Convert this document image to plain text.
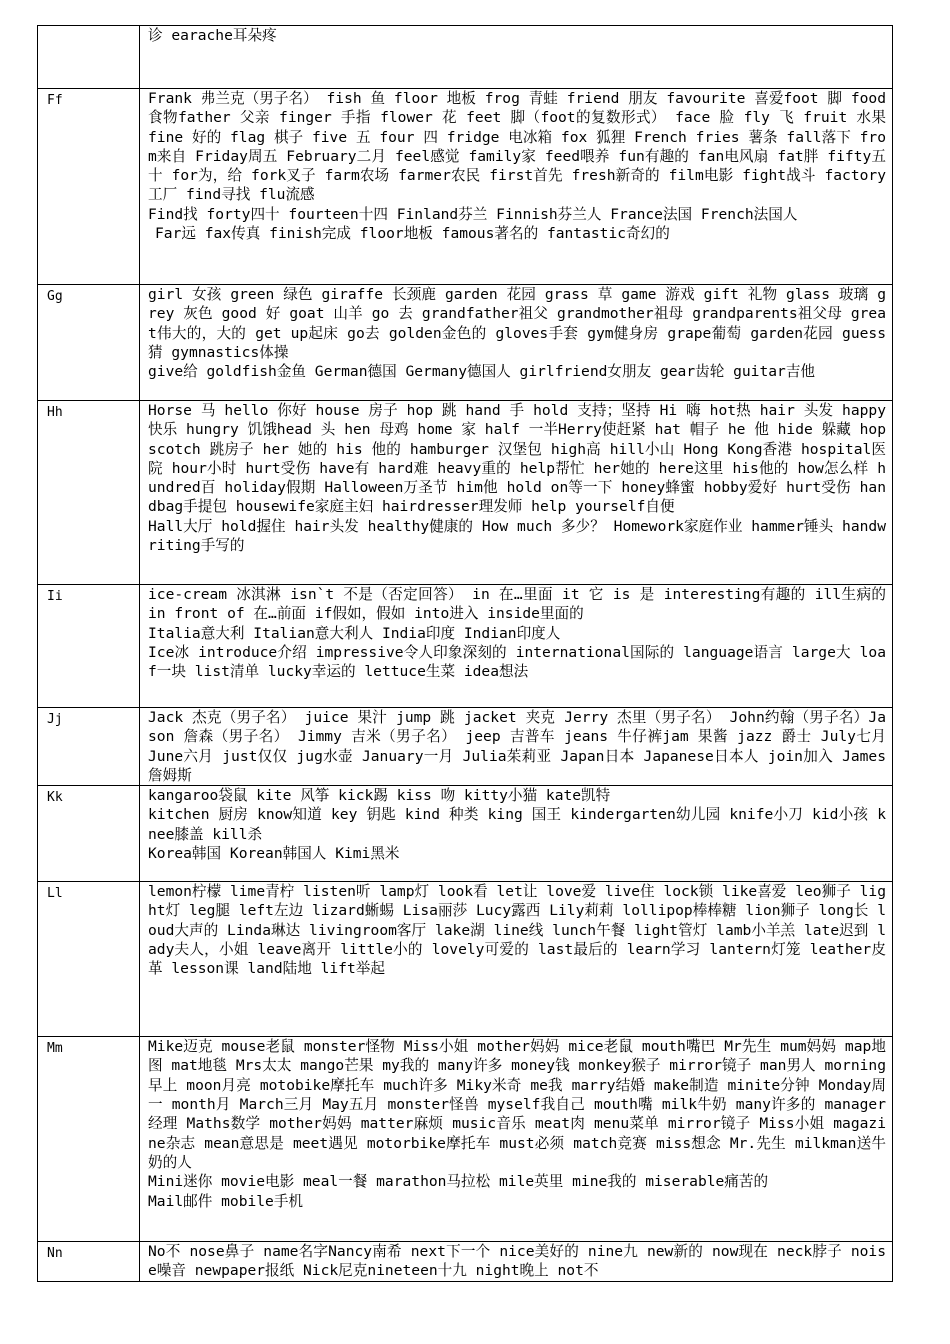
	诊 earache耳朵疼

Ff	Frank 弗兰克（男子名） fish 鱼 floor 地板 frog 青蛙 friend 朋友 favourite 喜爱foot 脚 food食物father 父亲 finger 手指 flower 花 feet 脚（foot的复数形式） face 脸 fly 飞 fruit 水果 fine 好的 flag 棋子 five 五 four 四 fridge 电冰箱 fox 狐狸 French fries 薯条 fall落下 from来自 Friday周五 February二月 feel感觉 family家 feed喂养 fun有趣的 fan电风扇 fat胖 fifty五十 for为，给 fork叉子 farm农场 farmer农民 first首先 fresh新奇的 film电影 fight战斗 factory工厂 find寻找 flu流感
Find找 forty四十 fourteen十四 Finland芬兰 Finnish芬兰人 France法国 French法国人
Far远 fax传真 finish完成 floor地板 famous著名的 fantastic奇幻的

Gg	girl 女孩 green 绿色 giraffe 长颈鹿 garden 花园 grass 草 game 游戏 gift 礼物 glass 玻璃 grey 灰色 good 好 goat 山羊 go 去 grandfather祖父 grandmother祖母 grandparents祖父母 great伟大的，大的 get up起床 go去 golden金色的 gloves手套 gym健身房 grape葡萄 garden花园 guess猜 gymnastics体操
give给 goldfish金鱼 German德国 Germany德国人 girlfriend女朋友 gear齿轮 guitar吉他

Hh	Horse 马 hello 你好 house 房子 hop 跳 hand 手 hold 支持；坚持 Hi 嗨 hot热 hair 头发 happy 快乐 hungry 饥饿head 头 hen 母鸡 home 家 half 一半Herry使赶紧 hat 帽子 he 他 hide 躲藏 hopscotch 跳房子 her 她的 his 他的 hamburger 汉堡包 high高 hill小山 Hong Kong香港 hospital医院 hour小时 hurt受伤 have有 hard难 heavy重的 help帮忙 her她的 here这里 his他的 how怎么样 hundred百 holiday假期 Halloween万圣节 him他 hold on等一下 honey蜂蜜 hobby爱好 hurt受伤 handbag手提包 housewife家庭主妇 hairdresser理发师 help yourself自便
Hall大厅 hold握住 hair头发 healthy健康的 How much 多少？ Homework家庭作业 hammer锤头 handwriting手写的

Ii	ice-cream 冰淇淋 isn`t 不是（否定回答） in 在…里面 it 它 is 是 interesting有趣的 ill生病的 in front of 在…前面 if假如，假如 into进入 inside里面的
Italia意大利 Italian意大利人 India印度 Indian印度人
Ice冰 introduce介绍 impressive令人印象深刻的 international国际的 language语言 large大 loaf一块 list清单 lucky幸运的 lettuce生菜 idea想法

Jj	Jack 杰克（男子名） juice 果汁 jump 跳 jacket 夹克 Jerry 杰里（男子名） John约翰（男子名）Jason 詹森（男子名） Jimmy 吉米（男子名） jeep 吉普车 jeans 牛仔裤jam 果酱 jazz 爵士 July七月 June六月 just仅仅 jug水壶 January一月 Julia茱莉亚 Japan日本 Japanese日本人 join加入 James詹姆斯

Kk	kangaroo袋鼠 kite 风筝 kick踢 kiss 吻 kitty小猫 kate凯特
kitchen 厨房 know知道 key 钥匙 kind 种类 king 国王 kindergarten幼儿园 knife小刀 kid小孩 knee膝盖 kill杀
Korea韩国 Korean韩国人 Kimi黑米

Ll	lemon柠檬 lime青柠 listen听 lamp灯 look看 let让 love爱 live住 lock锁 like喜爱 leo狮子 light灯 leg腿 left左边 lizard蜥蜴 Lisa丽莎 Lucy露西 Lily莉莉 lollipop棒棒糖 lion狮子 long长 loud大声的 Linda琳达 livingroom客厅 lake湖 line线 lunch午餐 light管灯 lamb小羊羔 late迟到 lady夫人，小姐 leave离开 little小的 lovely可爱的 last最后的 learn学习 lantern灯笼 leather皮革 lesson课 land陆地 lift举起

Mm	Mike迈克 mouse老鼠 monster怪物 Miss小姐 mother妈妈 mice老鼠 mouth嘴巴 Mr先生 mum妈妈 map地图 mat地毯 Mrs太太 mango芒果 my我的 many许多 money钱 monkey猴子 mirror镜子 man男人 morning早上 moon月亮 motobike摩托车 much许多 Miky米奇 me我 marry结婚 make制造 minite分钟 Monday周一 month月 March三月 May五月 monster怪兽 myself我自己 mouth嘴 milk牛奶 many许多的 manager经理 Maths数学 mother妈妈 matter麻烦 music音乐 meat肉 menu菜单 mirror镜子 Miss小姐 magazine杂志 mean意思是 meet遇见 motorbike摩托车 must必须 match竞赛 miss想念 Mr.先生 milkman送牛奶的人
Mini迷你 movie电影 meal一餐 marathon马拉松 mile英里 mine我的 miserable痛苦的
Mail邮件 mobile手机

Nn	No不 nose鼻子 name名字Nancy南希 next下一个 nice美好的 nine九 new新的 now现在 neck脖子 noise噪音 newpaper报纸 Nick尼克nineteen十九 night晚上 not不
